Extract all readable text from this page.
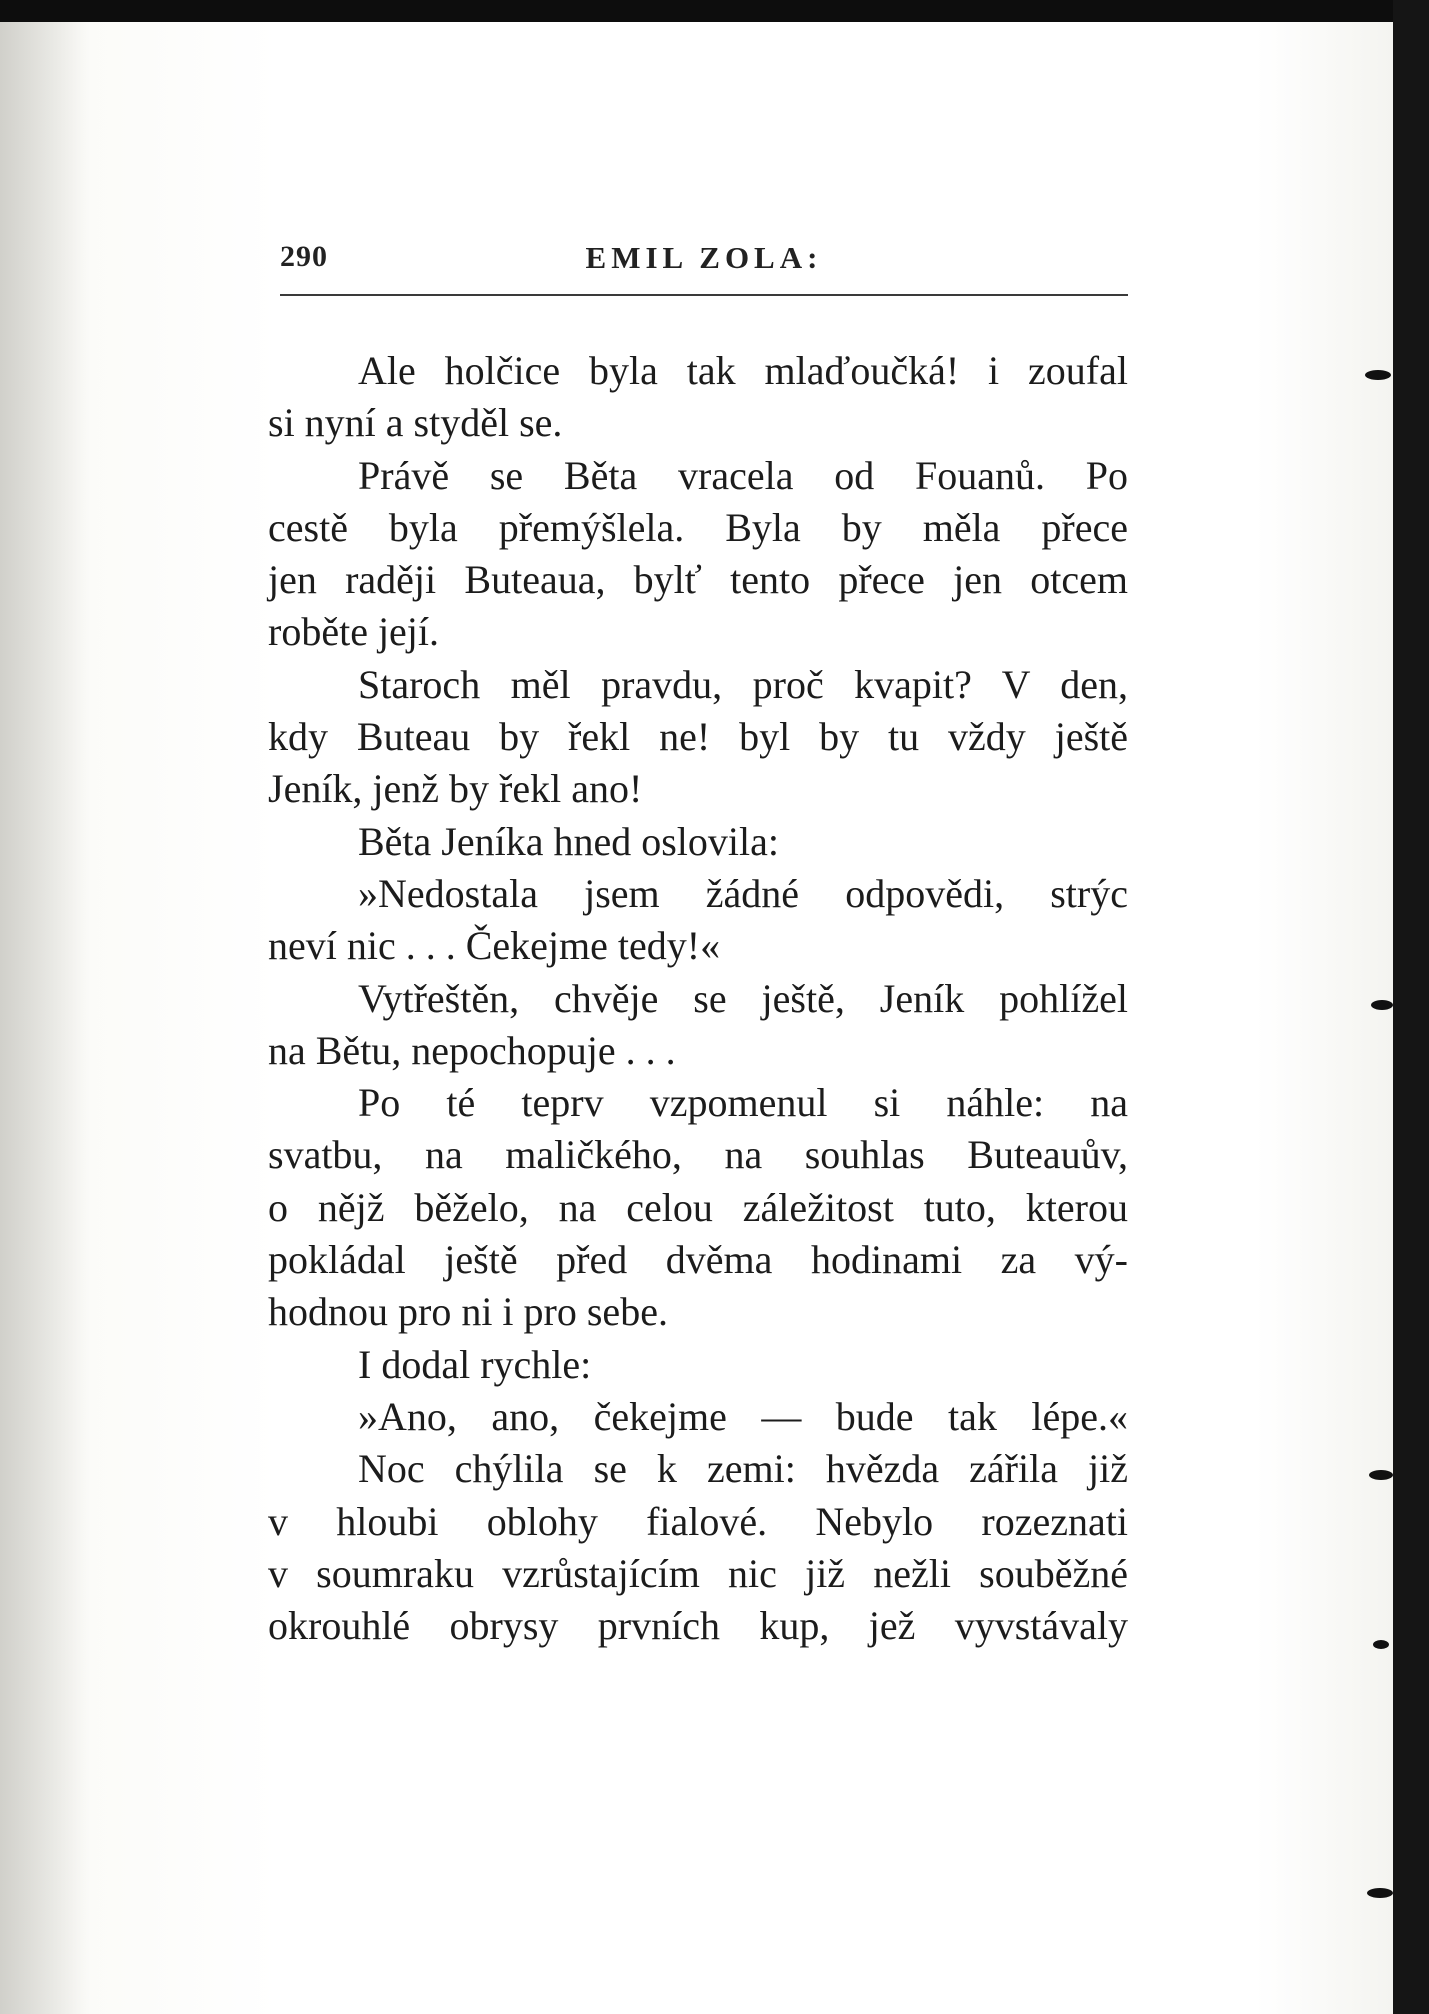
290	EMIL ZOLA:
Ale holčice byla tak mlaďoučká! i zoufal
si nyní a styděl se.
Právě se Běta vracela od Fouanů. Po
cestě byla přemýšlela. Byla by měla přece
jen raději Buteaua, bylť tento přece jen otcem
roběte její.
Staroch měl pravdu, proč kvapit? V den,
kdy Buteau by řekl ne! byl by tu vždy ještě
Jeník, jenž by řekl ano!
Běta Jeníka hned oslovila:
»Nedostala jsem žádné odpovědi, strýc
neví nic . . . Čekejme tedy!«
Vytřeštěn, chvěje se ještě, Jeník pohlížel
na Bětu, nepochopuje . . .
Po té teprv vzpomenul si náhle: na
svatbu, na maličkého, na souhlas Buteauův,
o nějž běželo, na celou záležitost tuto, kterou
pokládal ještě před dvěma hodinami za vý-
hodnou pro ni i pro sebe.
I dodal rychle:
»Ano, ano, čekejme — bude tak lépe.«
Noc chýlila se k zemi: hvězda zářila již
v hloubi oblohy fialové. Nebylo rozeznati
v soumraku vzrůstajícím nic již nežli souběžné
okrouhlé obrysy prvních kup, jež vyvstávaly
